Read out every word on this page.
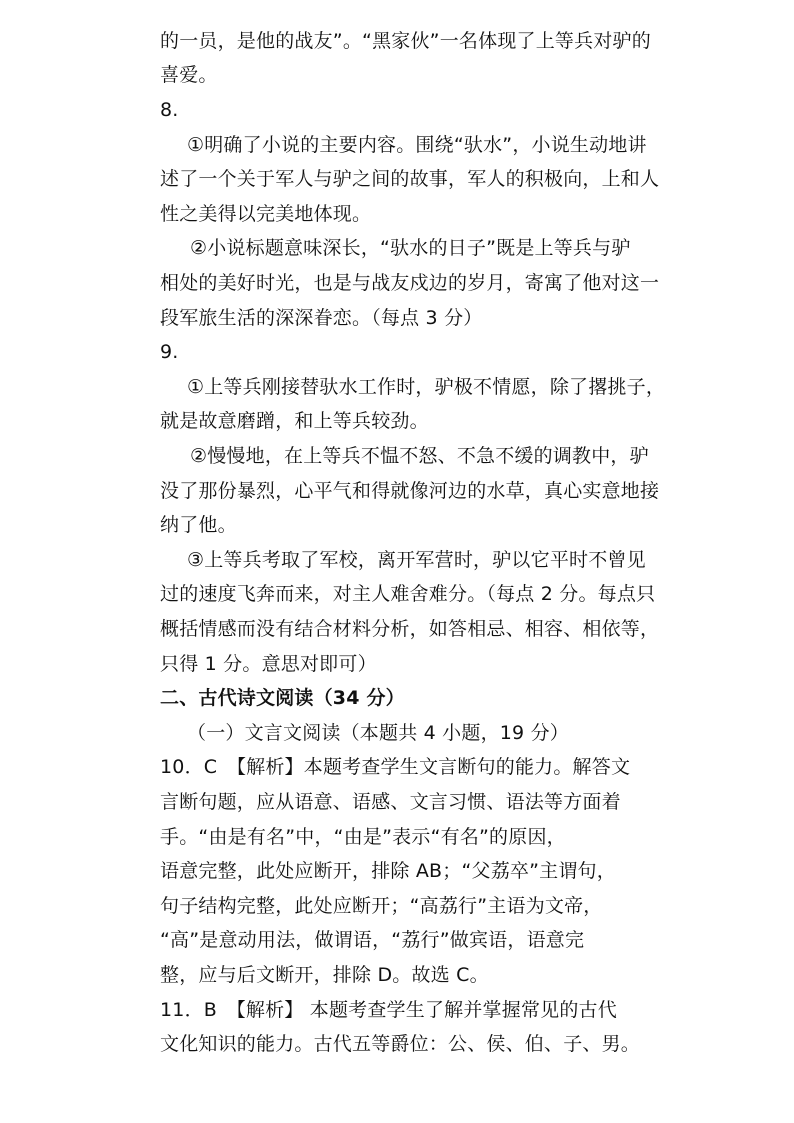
的一员，是他的战友”。“黑家伙”一名体现了上等兵对驴的
喜爱。
8.
①明确了小说的主要内容。围绕“驮水”，小说生动地讲
述了一个关于军人与驴之间的故事，军人的积极向，上和人
性之美得以完美地体现。
②小说标题意味深长，“驮水的日子”既是上等兵与驴
相处的美好时光，也是与战友戍边的岁月，寄寓了他对这一
段军旅生活的深深眷恋。（每点 3 分）
9.
①上等兵刚接替驮水工作时，驴极不情愿，除了撂挑子，
就是故意磨蹭，和上等兵较劲。
②慢慢地，在上等兵不愠不怒、不急不缓的调教中，驴
没了那份暴烈，心平气和得就像河边的水草，真心实意地接
纳了他。
③上等兵考取了军校，离开军营时，驴以它平时不曾见
过的速度飞奔而来，对主人难舍难分。（每点 2 分。每点只
概括情感而没有结合材料分析，如答相忌、相容、相依等，
只得 1 分。意思对即可）
二、古代诗文阅读（34 分）
（一）文言文阅读（本题共 4 小题，19 分）
10．C　【解析】本题考查学生文言断句的能力。解答文
言断句题，应从语意、语感、文言习惯、语法等方面着
手。“由是有名”中，“由是”表示“有名”的原因，
语意完整，此处应断开，排除 AB；“父荔卒”主谓句，
句子结构完整，此处应断开；“高荔行”主语为文帝，
“高”是意动用法，做谓语，“荔行”做宾语，语意完
整，应与后文断开，排除 D。故选 C。
11．B　【解析】 本题考查学生了解并掌握常见的古代
文化知识的能力。古代五等爵位：公、侯、伯、子、男。
